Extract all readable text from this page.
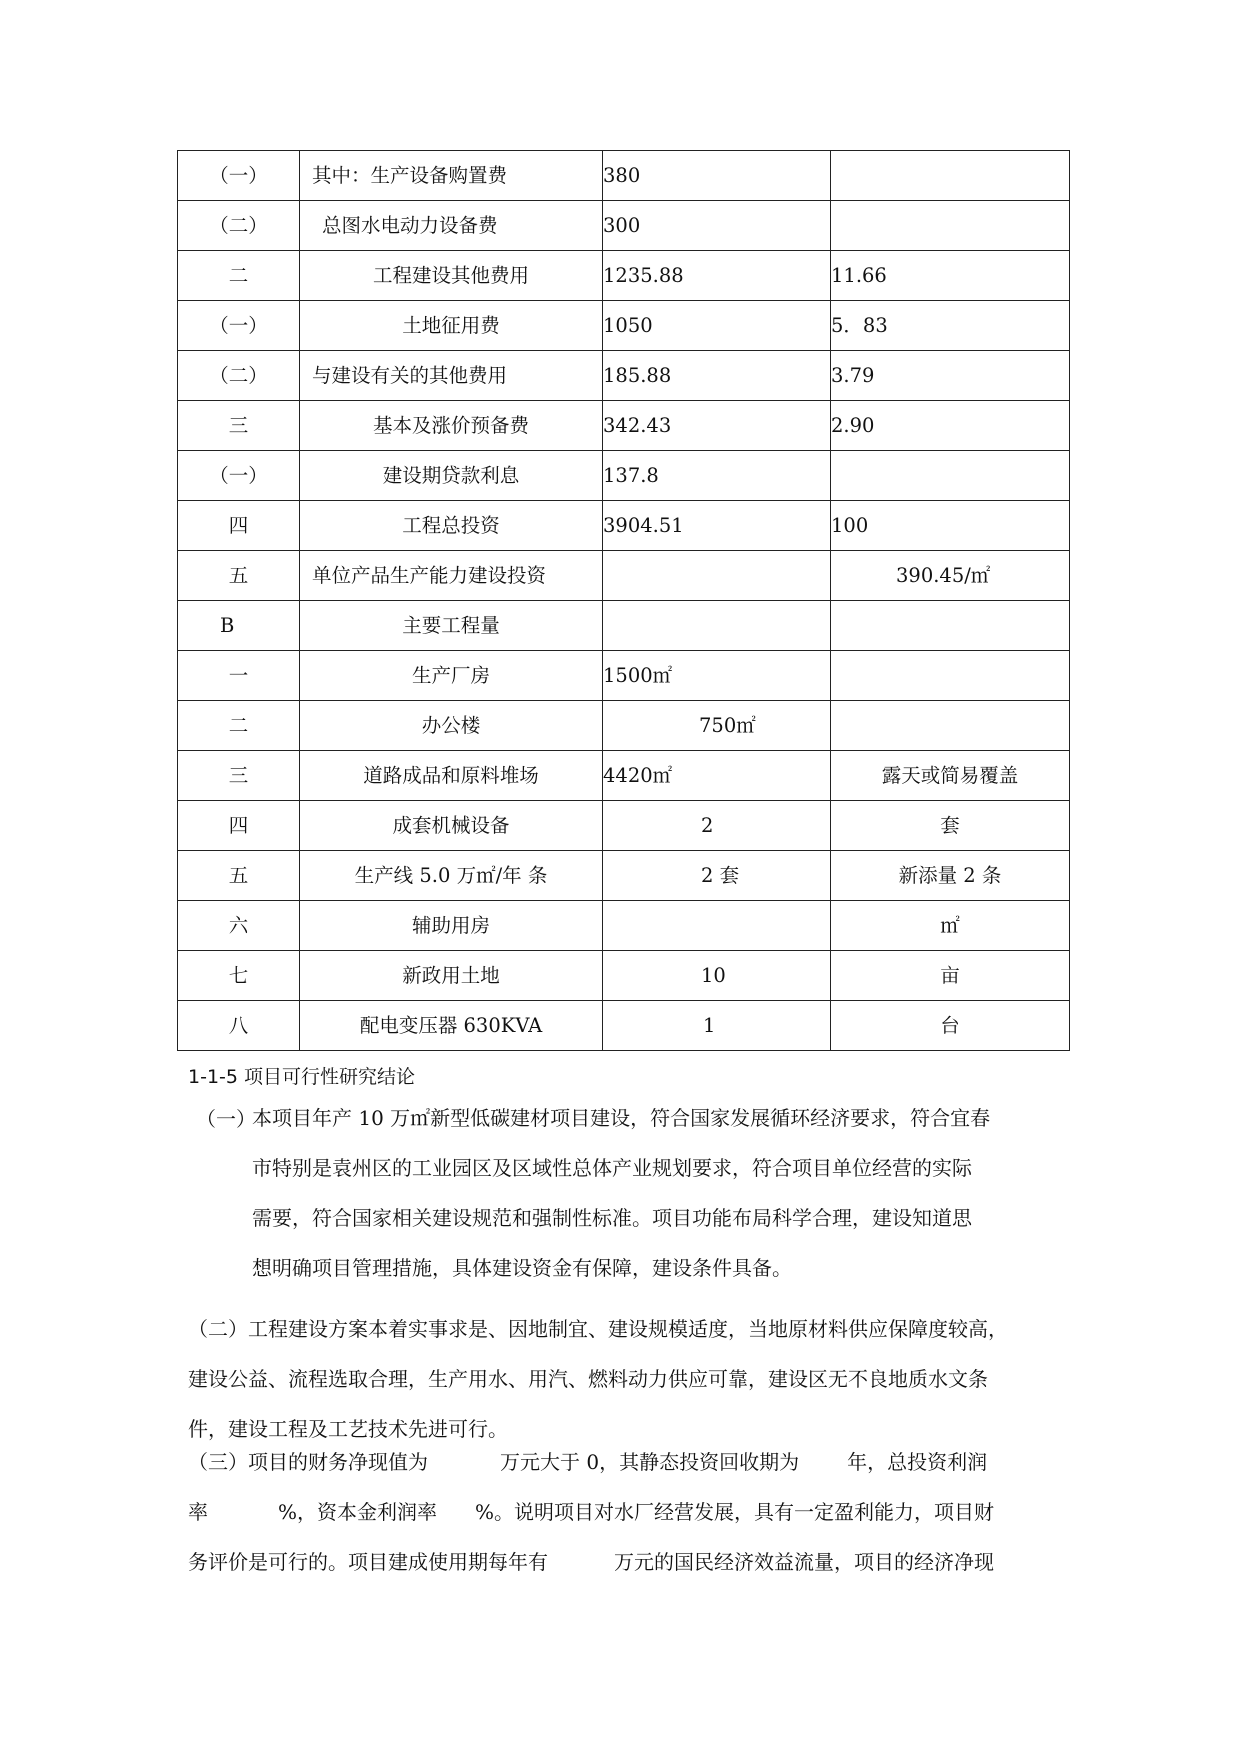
（一）	其中：生产设备购置费	380	
（二）	总图水电动力设备费	300	
二	工程建设其他费用	1235.88	11.66
（一）	土地征用费	1050	5．83
（二）	与建设有关的其他费用	185.88	3.79
三	基本及涨价预备费	342.43	2.90
（一）	建设期贷款利息	137.8	
四	工程总投资	3904.51	100
五	单位产品生产能力建设投资		390.45/㎡
B	主要工程量		
一	生产厂房	1500㎡	
二	办公楼	750㎡	
三	道路成品和原料堆场	4420㎡	露天或简易覆盖
四	成套机械设备	2	套
五	生产线 5.0 万㎡/年 条	2 套	新添量 2 条
六	辅助用房		㎡
七	新政用土地	10	亩
八	配电变压器 630KVA	1	台
1-1-5 项目可行性研究结论
（一）
本项目年产 10 万㎡新型低碳建材项目建设，符合国家发展循环经济要求，符合宜春
市特别是袁州区的工业园区及区域性总体产业规划要求，符合项目单位经营的实际
需要，符合国家相关建设规范和强制性标准。项目功能布局科学合理，建设知道思
想明确项目管理措施，具体建设资金有保障，建设条件具备。
（二）工程建设方案本着实事求是、因地制宜、建设规模适度，当地原材料供应保障度较高，
建设公益、流程选取合理，生产用水、用汽、燃料动力供应可靠，建设区无不良地质水文条
件，建设工程及工艺技术先进可行。
（三）项目的财务净现值为	万元大于 0，其静态投资回收期为 年，总投资利润
率	%，资本金利润率 %。说明项目对水厂经营发展，具有一定盈利能力，项目财
务评价是可行的。项目建成使用期每年有	万元的国民经济效益流量，项目的经济净现
